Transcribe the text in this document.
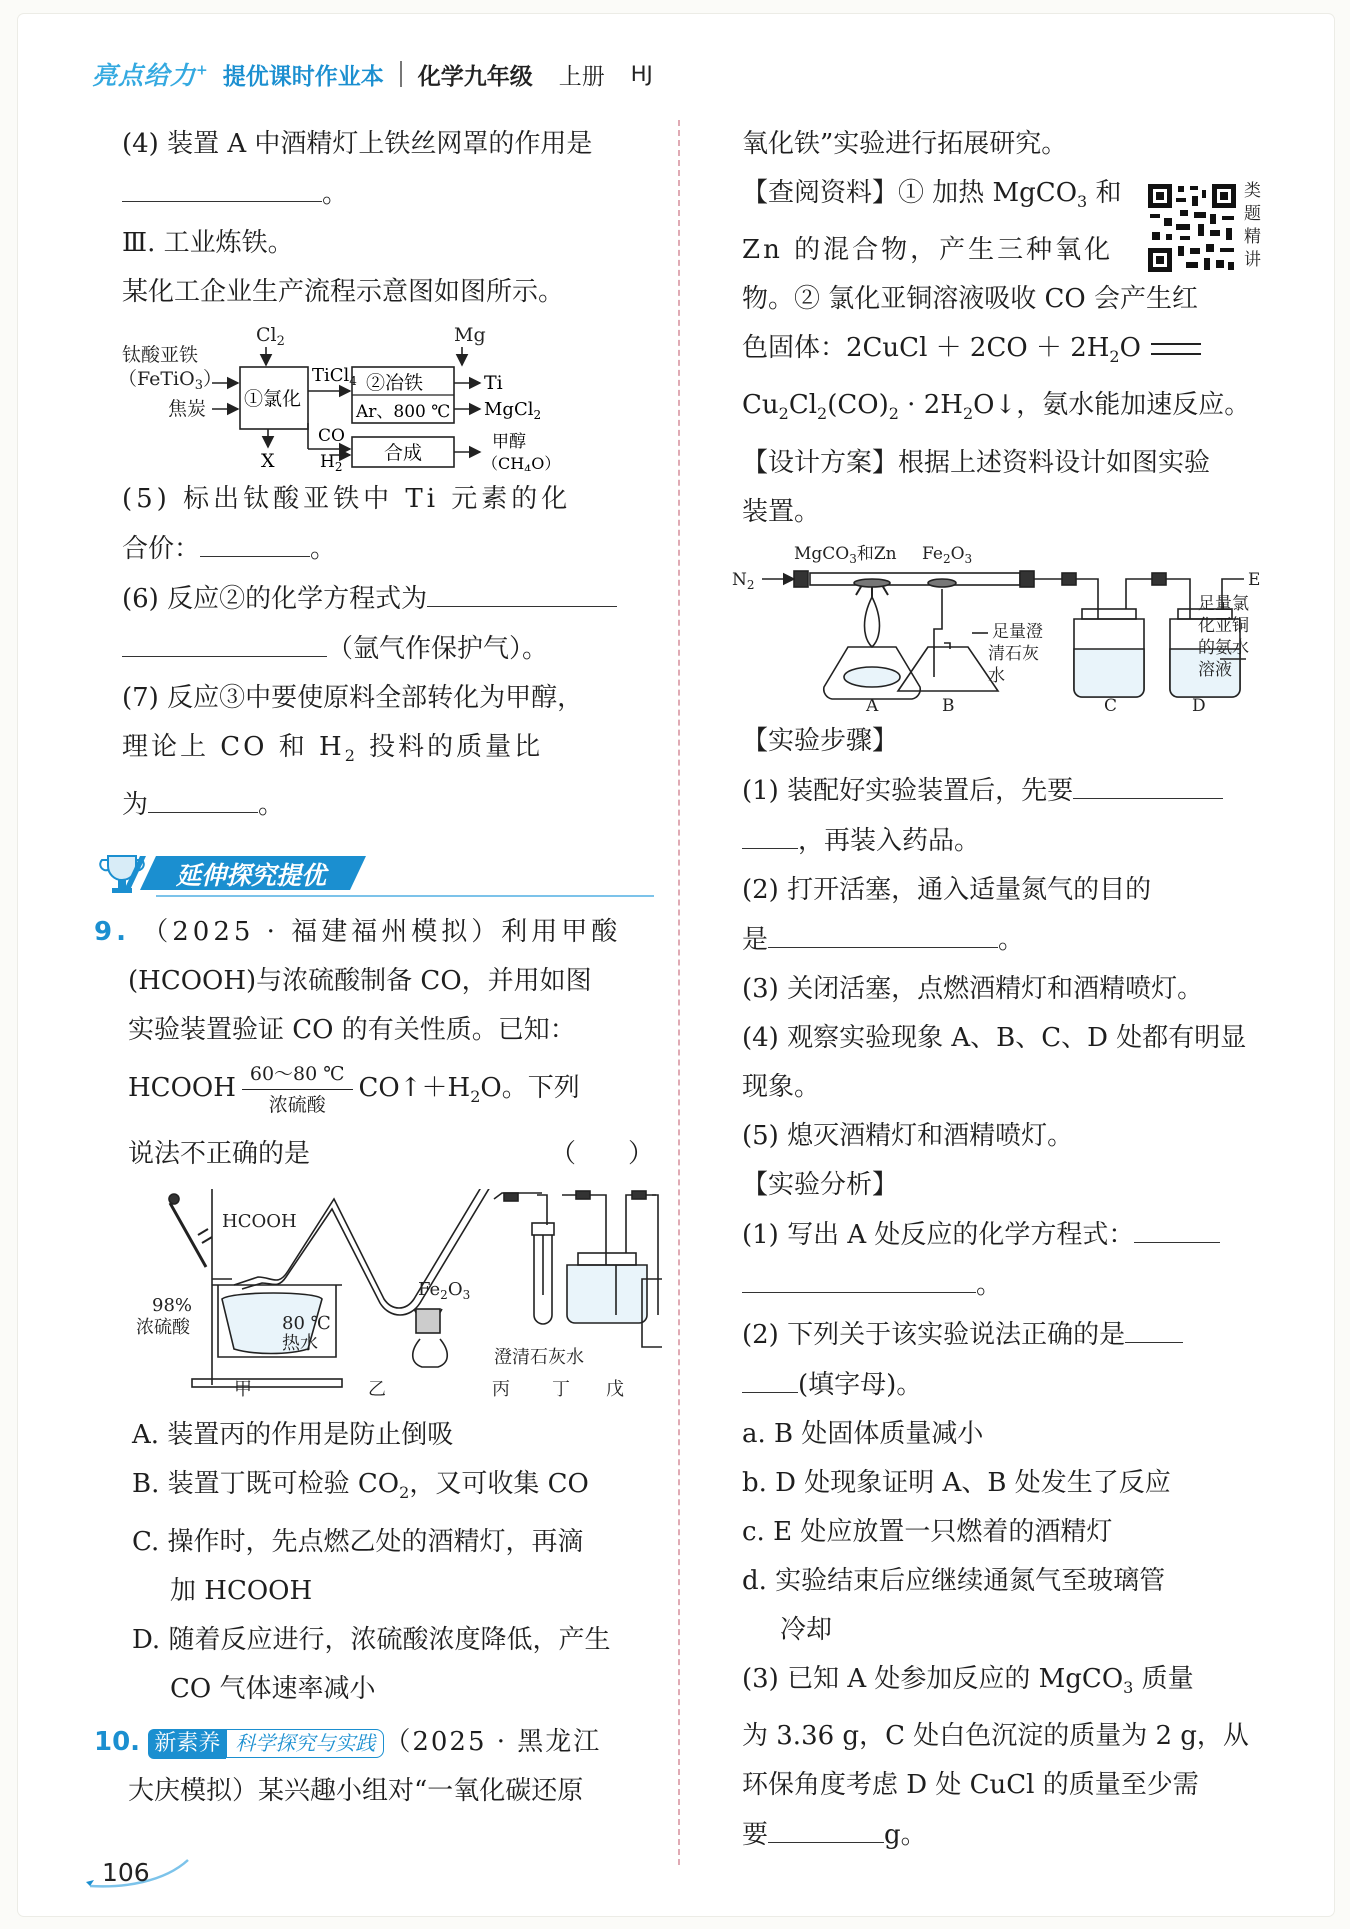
亮点给力+ 提优课时作业本 化学九年级 上册 HJ
(4) 装置 A 中酒精灯上铁丝网罩的作用是
。
Ⅲ. 工业炼铁。
某化工企业生产流程示意图如图所示。
钛酸亚铁
（FeTiO$_3$）
焦炭
$Cl_2$	Mg
①氯化
TiCl$_4$ ②冶铁
Ar、800 ℃
Ti
MgCl$_2$
X
CO
$H_2$
合成	甲醇
$(CH_4O)$
(5) 标出钛酸亚铁中 Ti 元素的化
合价：	。
(6) 反应②的化学方程式为
（氩气作保护气）。
(7) 反应③中要使原料全部转化为甲醇，
理论上 CO 和 $H_2$ 投料的质量比
为	。
延伸探究提优
9. （2025 · 福建福州模拟）利用甲酸
(HCOOH)与浓硫酸制备 CO，并用如图
实验装置验证 CO 的有关性质。已知：
HCOOH $\frac{60\sim 80 ℃}{\text{浓硫酸}}$ $CO↑+H_2O$。下列
说法不正确的是	（　　）
HCOOH
98%
浓硫酸	80 ℃
热水
$Fe_2O_3$
澄清石灰水
甲	乙	丙 丁 戊
A. 装置丙的作用是防止倒吸
B. 装置丁既可检验 $CO_2$，又可收集 CO
C. 操作时，先点燃乙处的酒精灯，再滴
加 HCOOH
D. 随着反应进行，浓硫酸浓度降低，产生
CO 气体速率减小
10. 新素养 科学探究与实践 （2025 · 黑龙江
大庆模拟）某兴趣小组对“一氧化碳还原
氧化铁”实验进行拓展研究。
【查阅资料】① 加热 MgCO$_3$ 和
Zn 的混合物，产生三种氧化
物。② 氯化亚铜溶液吸收 CO 会产生红
色固体：2CuCl ＋ $2CO + 2H_2O$
$Cu_2Cl_2(CO)_2$ · $2H_2O↓$，氨水能加速反应。
【设计方案】根据上述资料设计如图实验
装置。
$N_2$
MgCO$_3$和Zn $Fe_2O_3$
E
足量澄
清石灰
水
足量氯
化亚铜
的氨水
溶液
A	B	C	D
【实验步骤】
(1) 装配好实验装置后，先要
，再装入药品。
(2) 打开活塞，通入适量氮气的目的
是	。
(3) 关闭活塞，点燃酒精灯和酒精喷灯。
(4) 观察实验现象 A、B、C、D 处都有明显
现象。
(5) 熄灭酒精灯和酒精喷灯。
【实验分析】
(1) 写出 A 处反应的化学方程式：
。
(2) 下列关于该实验说法正确的是
(填字母)。
a. B 处固体质量减小
b. D 处现象证明 A、B 处发生了反应
c. E 处应放置一只燃着的酒精灯
d. 实验结束后应继续通氮气至玻璃管
冷却
(3) 已知 A 处参加反应的 MgCO$_3$ 质量
为 3.36 g，C 处白色沉淀的质量为 2 g，从
环保角度考虑 D 处 CuCl 的质量至少需
要	g。
类题精讲
106
